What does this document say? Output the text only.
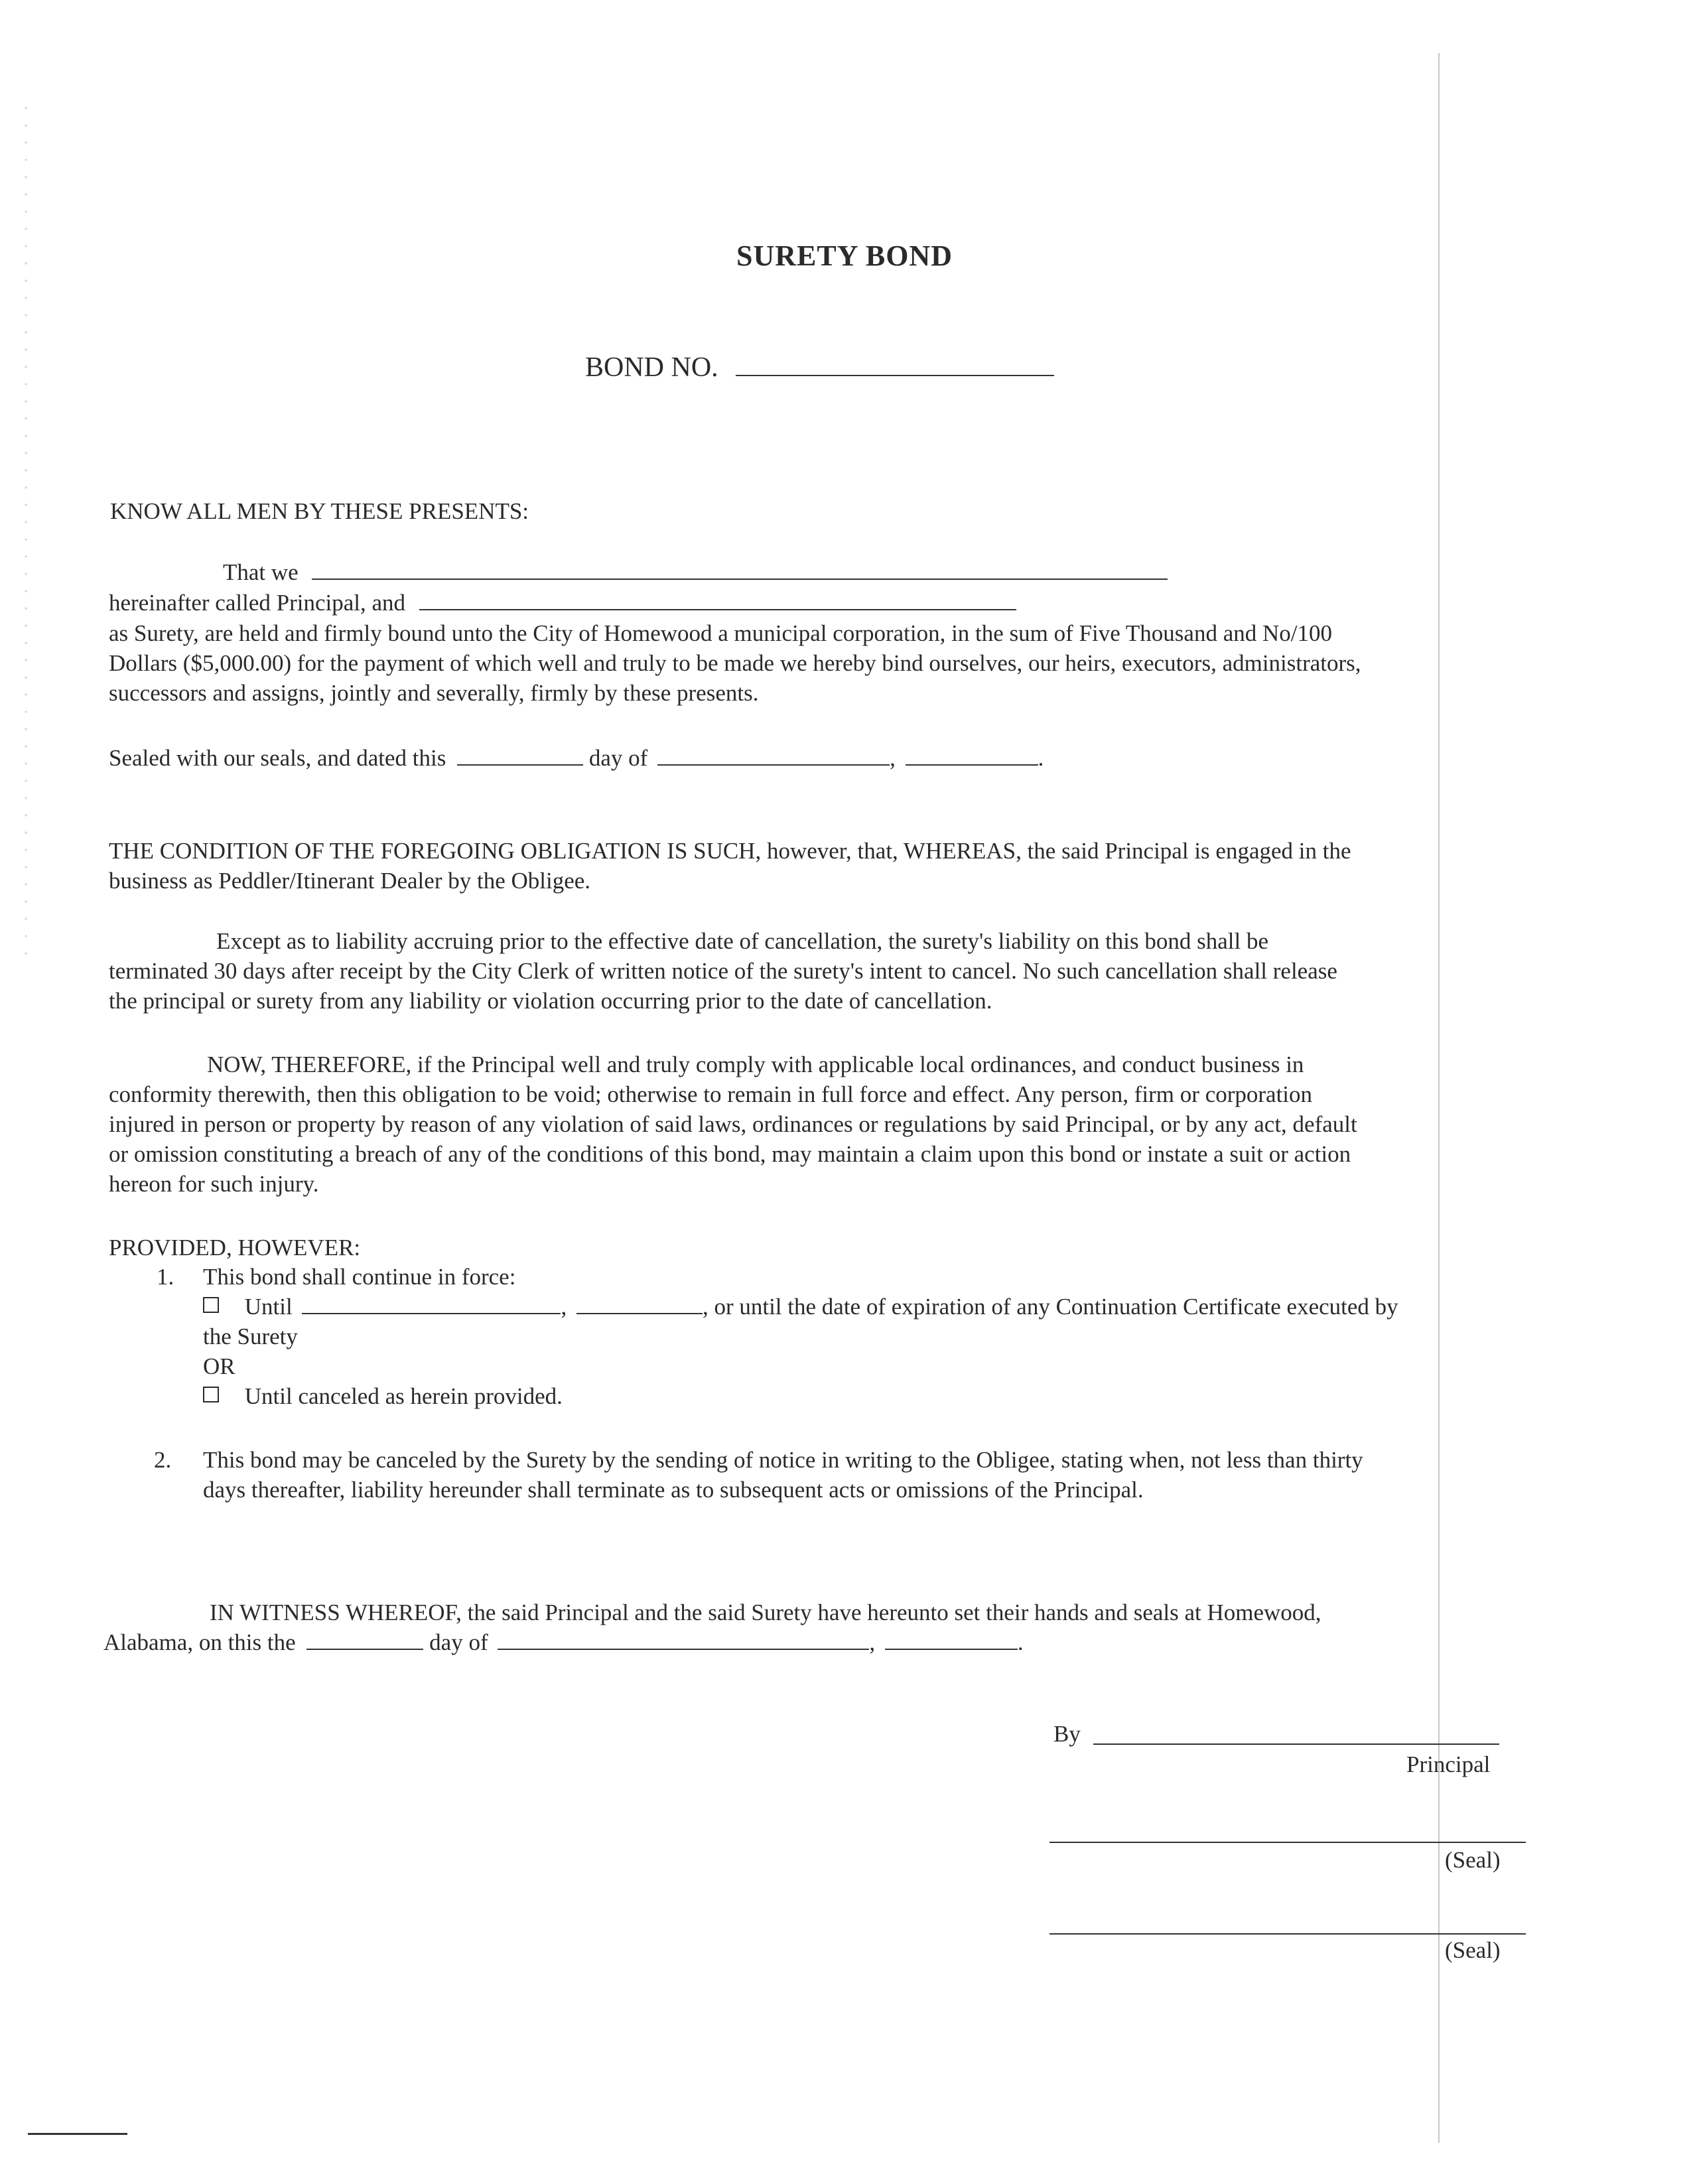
SURETY BOND
BOND NO.
KNOW ALL MEN BY THESE PRESENTS:
That we
hereinafter called Principal, and
as Surety, are held and firmly bound unto the City of Homewood a municipal corporation, in the sum of Five Thousand and No/100
Dollars ($5,000.00) for the payment of which well and truly to be made we hereby bind ourselves, our heirs, executors, administrators,
successors and assigns, jointly and severally, firmly by these presents.
Sealed with our seals, and dated this	day of	,	.
THE CONDITION OF THE FOREGOING OBLIGATION IS SUCH, however, that, WHEREAS, the said Principal is engaged in the
business as Peddler/Itinerant Dealer by the Obligee.
Except as to liability accruing prior to the effective date of cancellation, the surety's liability on this bond shall be
terminated 30 days after receipt by the City Clerk of written notice of the surety's intent to cancel. No such cancellation shall release
the principal or surety from any liability or violation occurring prior to the date of cancellation.
NOW, THEREFORE, if the Principal well and truly comply with applicable local ordinances, and conduct business in
conformity therewith, then this obligation to be void; otherwise to remain in full force and effect. Any person, firm or corporation
injured in person or property by reason of any violation of said laws, ordinances or regulations by said Principal, or by any act, default
or omission constituting a breach of any of the conditions of this bond, may maintain a claim upon this bond or instate a suit or action
hereon for such injury.
PROVIDED, HOWEVER:
1. This bond shall continue in force:
Until	,	, or until the date of expiration of any Continuation Certificate executed by
the Surety
OR
Until canceled as herein provided.
2. This bond may be canceled by the Surety by the sending of notice in writing to the Obligee, stating when, not less than thirty
days thereafter, liability hereunder shall terminate as to subsequent acts or omissions of the Principal.
IN WITNESS WHEREOF, the said Principal and the said Surety have hereunto set their hands and seals at Homewood,
Alabama, on this the	day of	,	.
By
Principal
(Seal)
(Seal)
